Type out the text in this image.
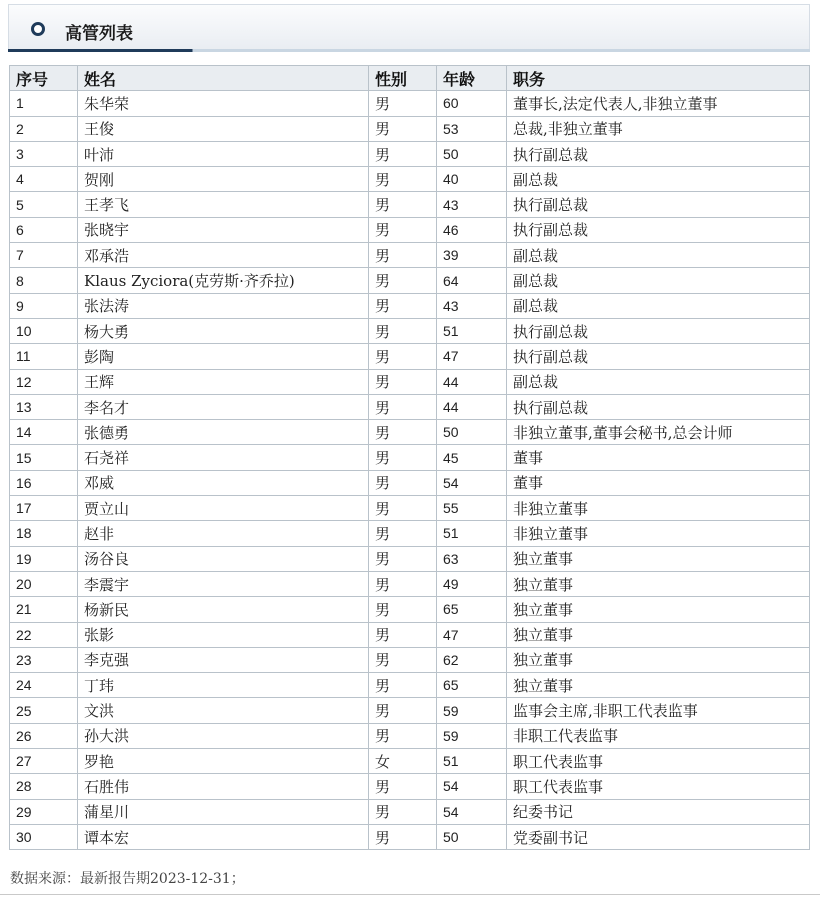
高管列表
序号	姓名	性别	年龄	职务
1	朱华荣	男	60	董事长,法定代表人,非独立董事
2	王俊	男	53	总裁,非独立董事
3	叶沛	男	50	执行副总裁
4	贺刚	男	40	副总裁
5	王孝飞	男	43	执行副总裁
6	张晓宇	男	46	执行副总裁
7	邓承浩	男	39	副总裁
8	Klaus Zyciora(克劳斯·齐乔拉)	男	64	副总裁
9	张法涛	男	43	副总裁
10	杨大勇	男	51	执行副总裁
11	彭陶	男	47	执行副总裁
12	王辉	男	44	副总裁
13	李名才	男	44	执行副总裁
14	张德勇	男	50	非独立董事,董事会秘书,总会计师
15	石尧祥	男	45	董事
16	邓威	男	54	董事
17	贾立山	男	55	非独立董事
18	赵非	男	51	非独立董事
19	汤谷良	男	63	独立董事
20	李震宇	男	49	独立董事
21	杨新民	男	65	独立董事
22	张影	男	47	独立董事
23	李克强	男	62	独立董事
24	丁玮	男	65	独立董事
25	文洪	男	59	监事会主席,非职工代表监事
26	孙大洪	男	59	非职工代表监事
27	罗艳	女	51	职工代表监事
28	石胜伟	男	54	职工代表监事
29	蒲星川	男	54	纪委书记
30	谭本宏	男	50	党委副书记
数据来源：最新报告期2023-12-31；
